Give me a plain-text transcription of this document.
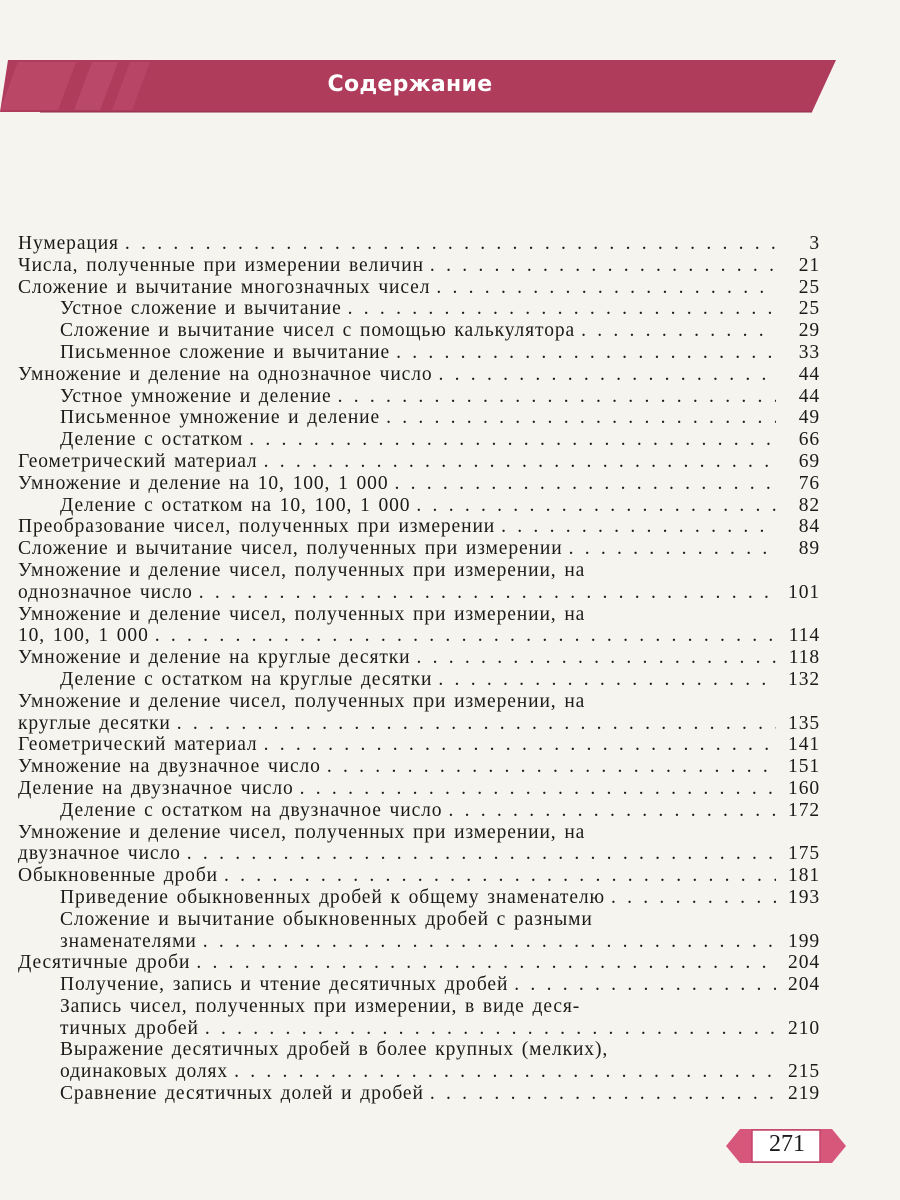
Содержание
Нумерация . . .	3
Числа, полученные при измерении величин . . .	21
Сложение и вычитание многозначных чисел . . .	25
Устное сложение и вычитание . . .	25
Сложение и вычитание чисел с помощью калькулятора . . .	29
Письменное сложение и вычитание . . .	33
Умножение и деление на однозначное число . . .	44
Устное умножение и деление . . .	44
Письменное умножение и деление . . .	49
Деление с остатком . . .	66
Геометрический материал . . .	69
Умножение и деление на 10, 100, 1 000 . . .	76
Деление с остатком на 10, 100, 1 000 . . .	82
Преобразование чисел, полученных при измерении . . .	84
Сложение и вычитание чисел, полученных при измерении . . .	89
Умножение и деление чисел, полученных при измерении, на
однозначное число . . .	101
Умножение и деление чисел, полученных при измерении, на
10, 100, 1 000 . . .	114
Умножение и деление на круглые десятки . . .	118
Деление с остатком на круглые десятки . . .	132
Умножение и деление чисел, полученных при измерении, на
круглые десятки . . .	135
Геометрический материал . . .	141
Умножение на двузначное число . . .	151
Деление на двузначное число . . .	160
Деление с остатком на двузначное число . . .	172
Умножение и деление чисел, полученных при измерении, на
двузначное число . . .	175
Обыкновенные дроби . . .	181
Приведение обыкновенных дробей к общему знаменателю . . .	193
Сложение и вычитание обыкновенных дробей с разными
знаменателями . . .	199
Десятичные дроби . . .	204
Получение, запись и чтение десятичных дробей . . .	204
Запись чисел, полученных при измерении, в виде деся-
тичных дробей . . .	210
Выражение десятичных дробей в более крупных (мелких),
одинаковых долях . . .	215
Сравнение десятичных долей и дробей . . .	219
271
